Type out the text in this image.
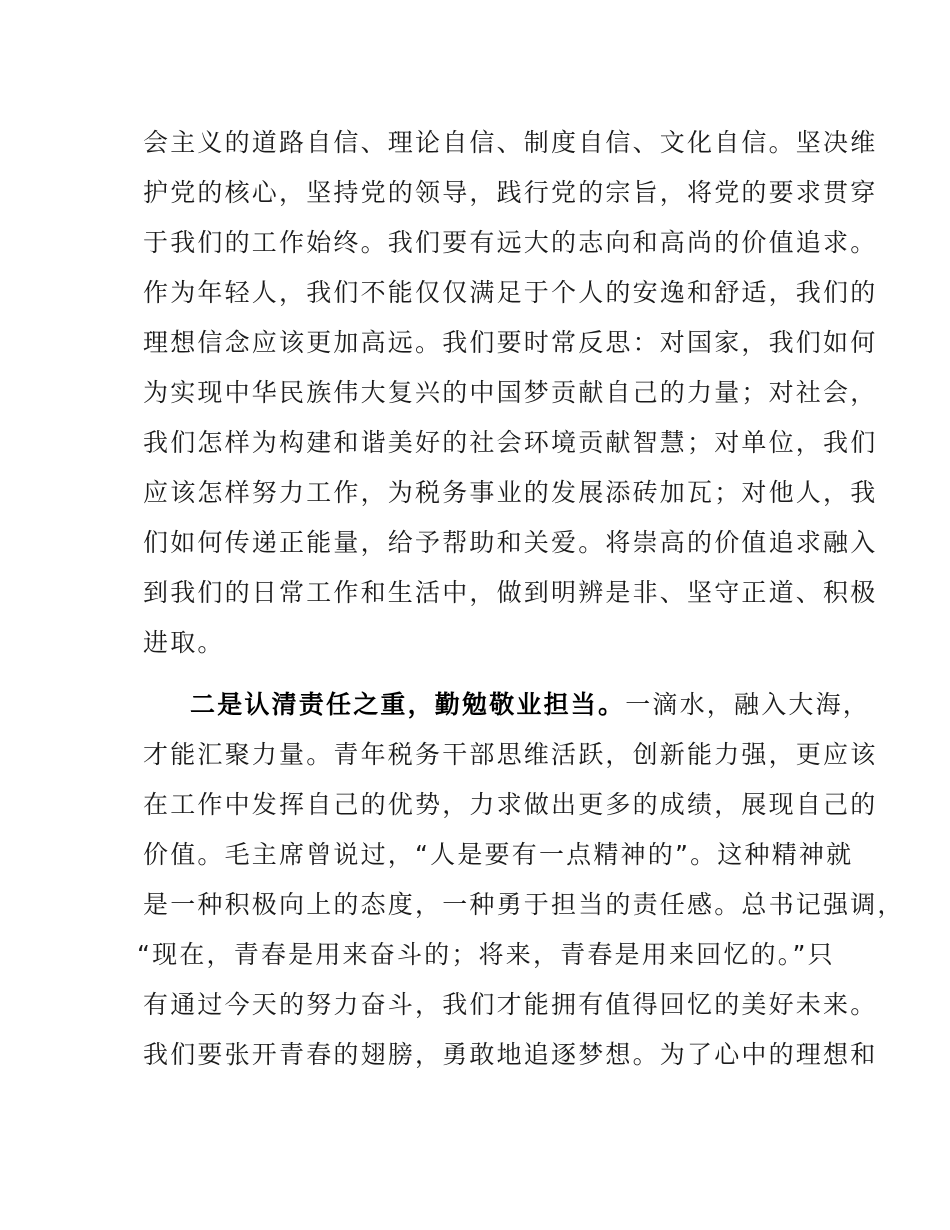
会主义的道路自信、理论自信、制度自信、文化自信。坚决维
护党的核心，坚持党的领导，践行党的宗旨，将党的要求贯穿
于我们的工作始终。我们要有远大的志向和高尚的价值追求。
作为年轻人，我们不能仅仅满足于个人的安逸和舒适，我们的
理想信念应该更加高远。我们要时常反思：对国家，我们如何
为实现中华民族伟大复兴的中国梦贡献自己的力量；对社会，
我们怎样为构建和谐美好的社会环境贡献智慧；对单位，我们
应该怎样努力工作，为税务事业的发展添砖加瓦；对他人，我
们如何传递正能量，给予帮助和关爱。将崇高的价值追求融入
到我们的日常工作和生活中，做到明辨是非、坚守正道、积极
进取。
二是认清责任之重，勤勉敬业担当。一滴水，融入大海，
才能汇聚力量。青年税务干部思维活跃，创新能力强，更应该
在工作中发挥自己的优势，力求做出更多的成绩，展现自己的
价值。毛主席曾说过，“人是要有一点精神的”。这种精神就
是一种积极向上的态度，一种勇于担当的责任感。总书记强调，
“现在，青春是用来奋斗的；将来，青春是用来回忆的。”只
有通过今天的努力奋斗，我们才能拥有值得回忆的美好未来。
我们要张开青春的翅膀，勇敢地追逐梦想。为了心中的理想和
